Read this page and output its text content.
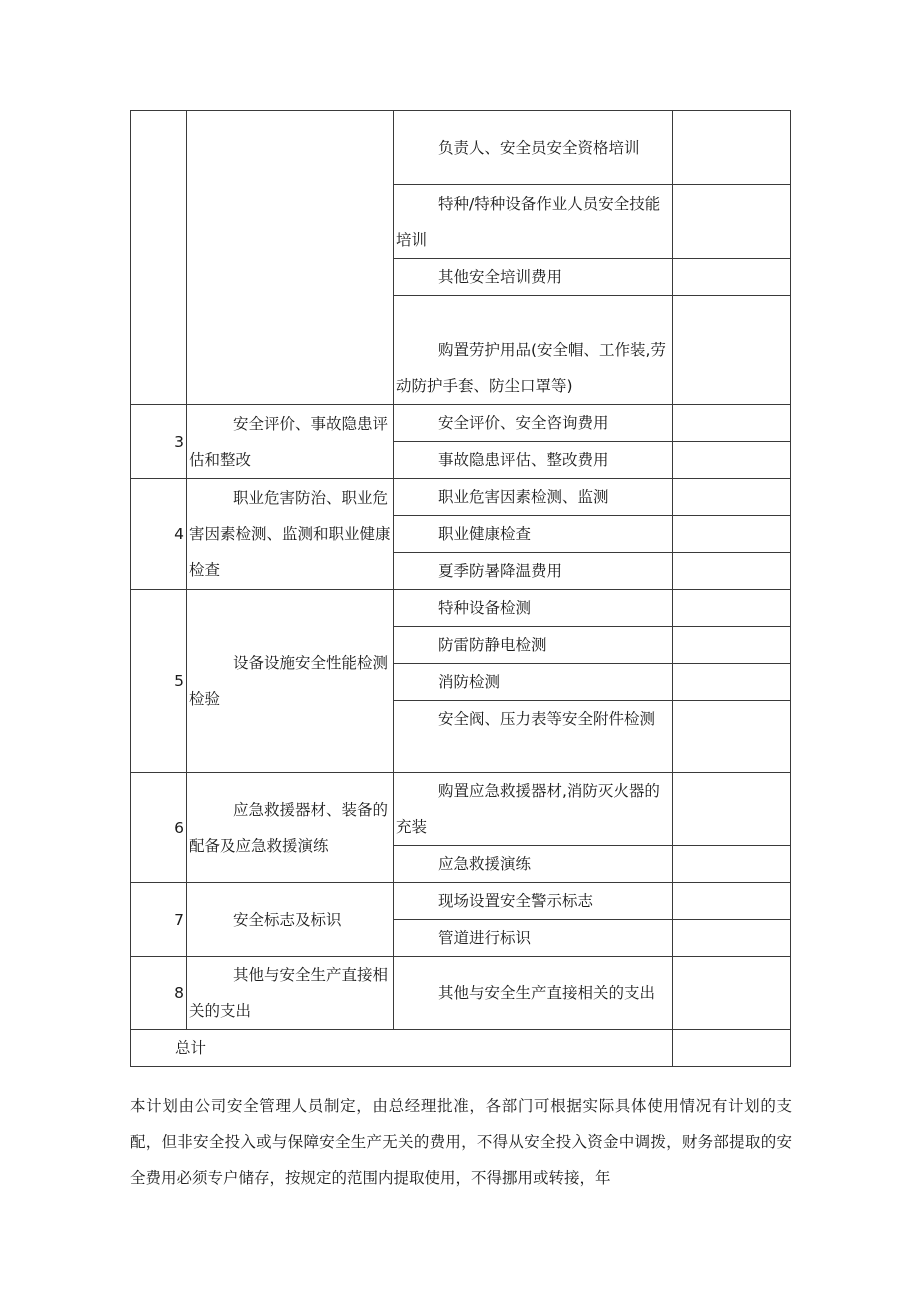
		负责人、安全员安全资格培训	
		特种/特种设备作业人员安全技能培训	
		其他安全培训费用	
		购置劳护用品(安全帽、工作装,劳动防护手套、防尘口罩等)	
3	安全评价、事故隐患评估和整改	安全评价、安全咨询费用	
		事故隐患评估、整改费用	
4	职业危害防治、职业危害因素检测、监测和职业健康检查	职业危害因素检测、监测	
		职业健康检查	
		夏季防暑降温费用	
5	设备设施安全性能检测检验	特种设备检测	
		防雷防静电检测	
		消防检测	
		安全阀、压力表等安全附件检测	
6	应急救援器材、装备的配备及应急救援演练	购置应急救援器材,消防灭火器的充装	
		应急救援演练	
7	安全标志及标识	现场设置安全警示标志	
		管道进行标识	
8	其他与安全生产直接相关的支出	其他与安全生产直接相关的支出	
总计			

本计划由公司安全管理人员制定，由总经理批准，各部门可根据实际具体使用情况有计划的支配，但非安全投入或与保障安全生产无关的费用，不得从安全投入资金中调拨，财务部提取的安全费用必须专户储存，按规定的范围内提取使用，不得挪用或转接，年
